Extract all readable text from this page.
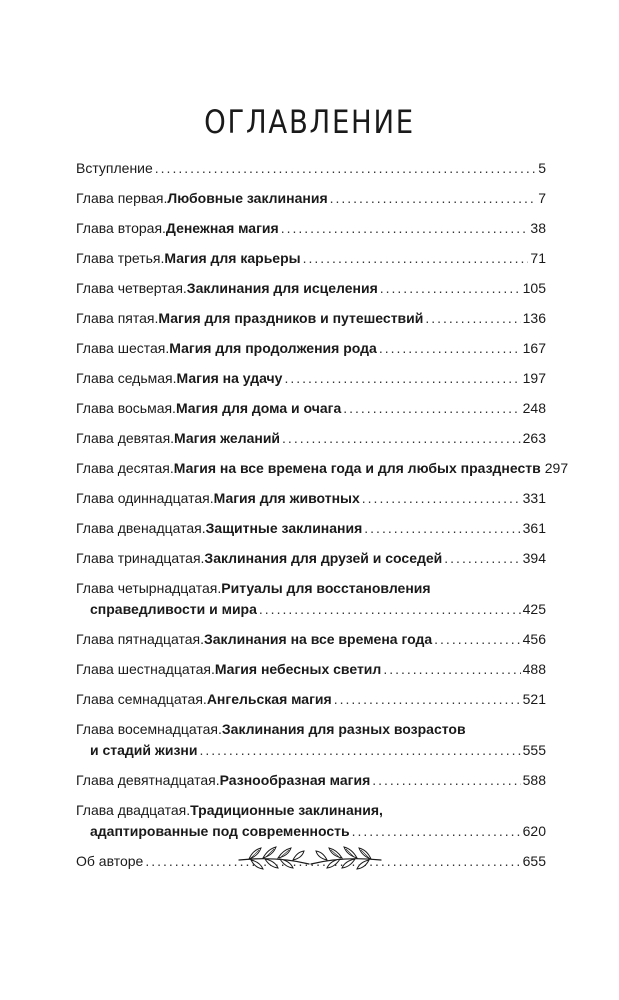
ОГЛАВЛЕНИЕ
Вступление .....	5
Глава первая. Любовные заклинания .....	7
Глава вторая. Денежная магия .....	38
Глава третья. Магия для карьеры .....	71
Глава четвертая. Заклинания для исцеления .....	105
Глава пятая. Магия для праздников и путешествий .....	136
Глава шестая. Магия для продолжения рода .....	167
Глава седьмая. Магия на удачу .....	197
Глава восьмая. Магия для дома и очага .....	248
Глава девятая. Магия желаний .....	263
Глава десятая. Магия на все времена года и для любых празднеств 297
Глава одиннадцатая. Магия для животных .....	331
Глава двенадцатая. Защитные заклинания .....	361
Глава тринадцатая. Заклинания для друзей и соседей .....	394
Глава четырнадцатая. Ритуалы для восстановления
справедливости и мира .....	425
Глава пятнадцатая. Заклинания на все времена года .....	456
Глава шестнадцатая. Магия небесных светил .....	488
Глава семнадцатая. Ангельская магия .....	521
Глава восемнадцатая. Заклинания для разных возрастов
и стадий жизни .....	555
Глава девятнадцатая. Разнообразная магия .....	588
Глава двадцатая. Традиционные заклинания,
адаптированные под современность .....	620
Об авторе .....	655
